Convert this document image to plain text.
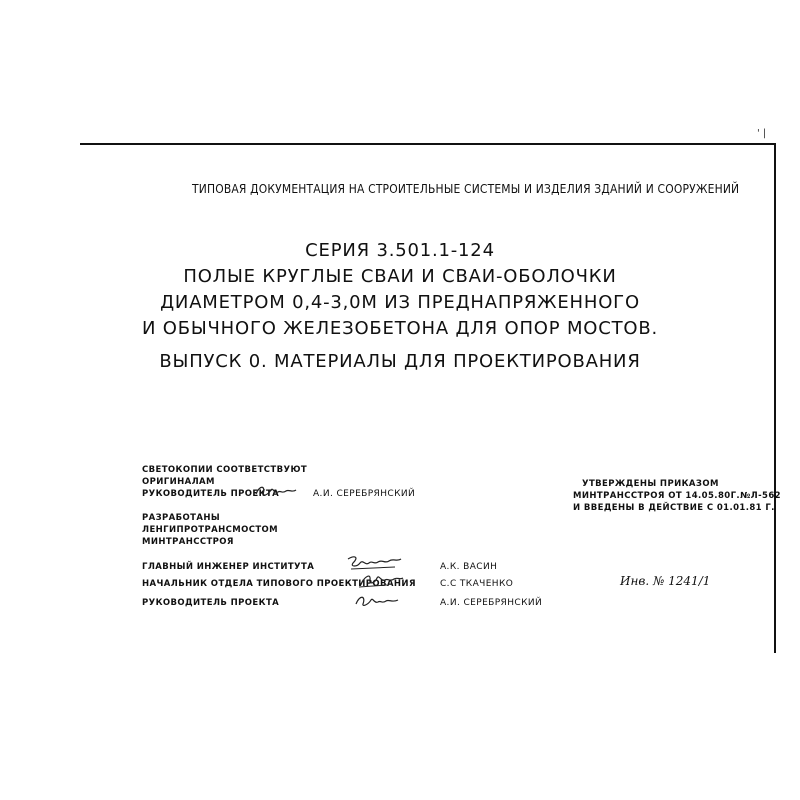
' |
ТИПОВАЯ ДОКУМЕНТАЦИЯ НА СТРОИТЕЛЬНЫЕ СИСТЕМЫ И ИЗДЕЛИЯ ЗДАНИЙ И СООРУЖЕНИЙ
СЕРИЯ 3.501.1-124
ПОЛЫЕ КРУГЛЫЕ СВАИ И СВАИ-ОБОЛОЧКИ
ДИАМЕТРОМ 0,4-3,0М ИЗ ПРЕДНАПРЯЖЕННОГО
И ОБЫЧНОГО ЖЕЛЕЗОБЕТОНА ДЛЯ ОПОР МОСТОВ.
ВЫПУСК 0. МАТЕРИАЛЫ ДЛЯ ПРОЕКТИРОВАНИЯ
СВЕТОКОПИИ СООТВЕТСТВУЮТ
ОРИГИНАЛАМ
РУКОВОДИТЕЛЬ ПРОЕКТА	А.И. СЕРЕБРЯНСКИЙ
РАЗРАБОТАНЫ
ЛЕНГИПРОТРАНСМОСТОМ
МИНТРАНССТРОЯ
УТВЕРЖДЕНЫ ПРИКАЗОМ
МИНТРАНССТРОЯ ОТ 14.05.80Г.№Л-562
И ВВЕДЕНЫ В ДЕЙСТВИЕ С 01.01.81 Г.
ГЛАВНЫЙ ИНЖЕНЕР ИНСТИТУТА	А.К. ВАСИН
НАЧАЛЬНИК ОТДЕЛА ТИПОВОГО ПРОЕКТИРОВАНИЯ	С.С ТКАЧЕНКО
РУКОВОДИТЕЛЬ ПРОЕКТА	А.И. СЕРЕБРЯНСКИЙ
Инв. № 1241/1
